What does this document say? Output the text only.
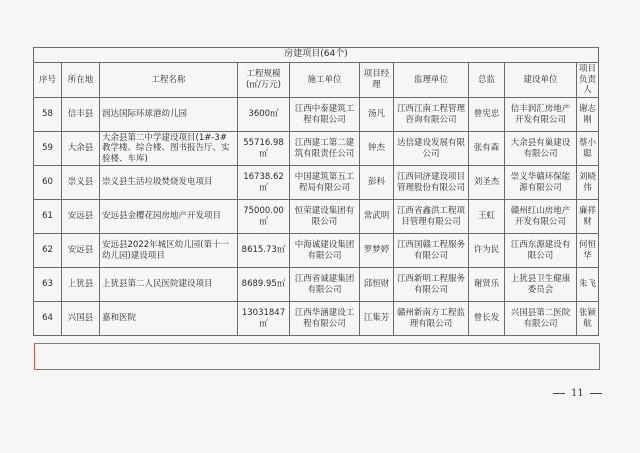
房建项目(64个)									
序号	所在地	工程名称	工程规模(㎡/万元)	施工单位	项目经理	监理单位	总监	建设单位	项目负责人
58	信丰县	润达国际环球港幼儿园	3600㎡	江西中泰建筑工程有限公司	汤凡	江西江南工程管理咨询有限公司	曾宪忠	信丰润汇房地产开发有限公司	谢志刚
59	大余县	大余县第二中学建设项目(1#-3#教学楼、综合楼、图书报告厅、实验楼、车库)	55716.98㎡	江西建工第二建筑有限责任公司	钟杰	达信建设发展有限公司	张有森	大余县有巢建设有限公司	蔡小聪
60	崇义县	崇义县生活垃圾焚烧发电项目	16738.62㎡	中国建筑第五工程局有限公司	彭科	江西同济建设项目管理股份有限公司	刘圣杰	崇义华赣环保能源有限公司	刘晓伟
61	安远县	安远县金樱花园房地产开发项目	75000.00㎡	恒荣建设集团有限公司	常武明	江西省鑫洪工程项目管理有限公司	王虹	赣州红山房地产开发有限公司	廉祥财
62	安远县	安远县2022年城区幼儿园(第十一幼儿园)建设项目	8615.73㎡	中海诚建设集团有限公司	罗梦婷	江西国赣工程服务有限公司	许为民	江西东源建设有限公司	何恒华
63	上犹县	上犹县第二人民医院建设项目	8689.95㎡	江西省诚建集团有限公司	邱恒财	江西新明工程服务有限公司	谢贤乐	上犹县卫生健康委员会	朱飞
64	兴国县	嘉和医院	13031847㎡	江西华涵建设工程有限公司	江集芳	赣州新南方工程监理有限公司	曾长发	兴国县第二医院有限公司	张颖航
11
